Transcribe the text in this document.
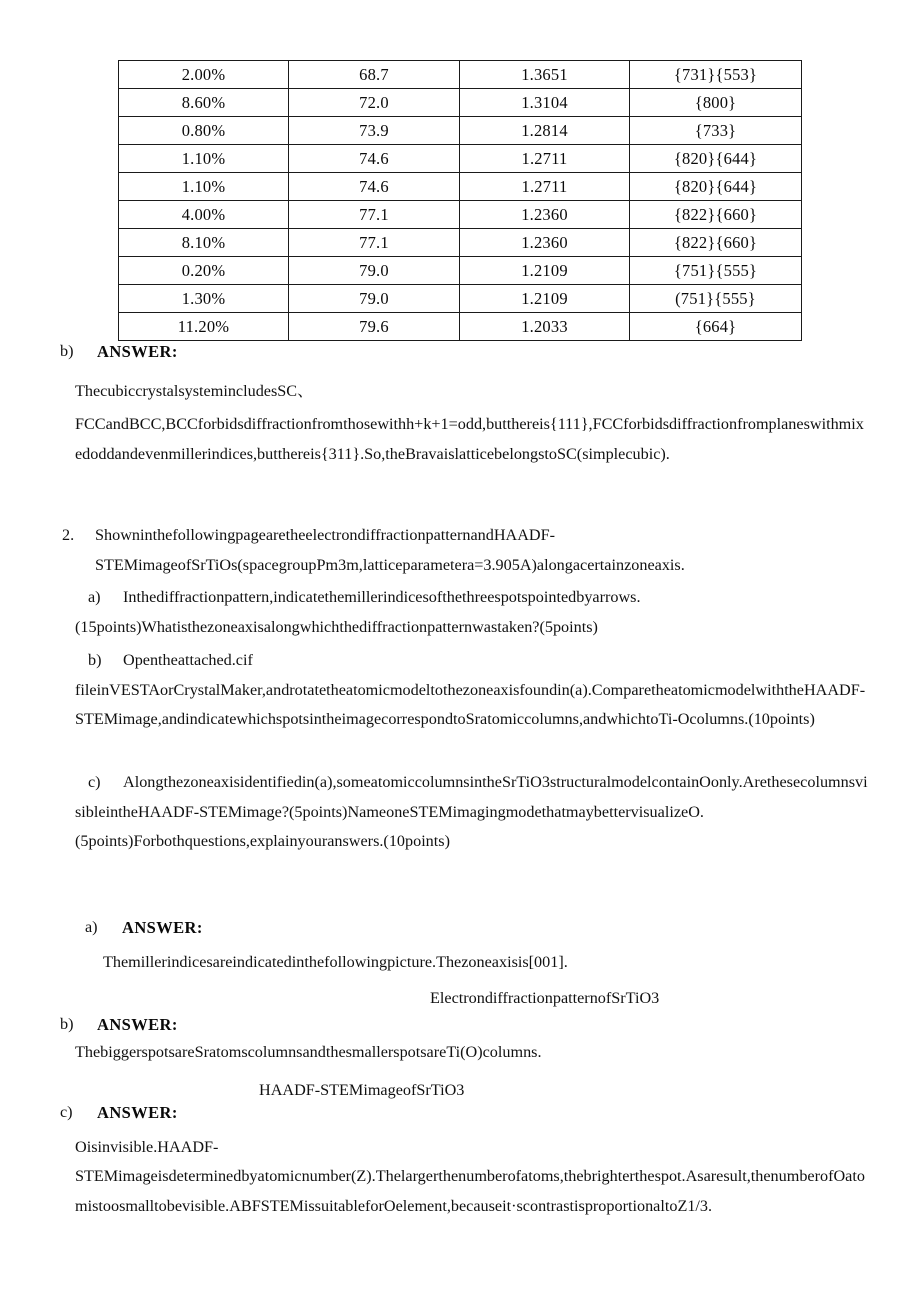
2.00%	68.7	1.3651	{731}{553}
8.60%	72.0	1.3104	{800}
0.80%	73.9	1.2814	{733}
1.10%	74.6	1.2711	{820}{644}
1.10%	74.6	1.2711	{820}{644}
4.00%	77.1	1.2360	{822}{660}
8.10%	77.1	1.2360	{822}{660}
0.20%	79.0	1.2109	{751}{555}
1.30%	79.0	1.2109	(751}{555}
11.20%	79.6	1.2033	{664}
b) ANSWER:
ThecubiccrystalsystemincludesSC、
FCCandBCC,BCCforbidsdiffractionfromthosewithh+k+1=odd,butthereis{111},FCCforbidsdiffractionfromplaneswithmixedoddandevenmillerindices,butthereis{311}.So,theBravaislatticebelongstoSC(simplecubic).
2. ShowninthefollowingpagearetheelectrondiffractionpatternandHAADF-STEMimageofSrTiOs(spacegroupPm3m,latticeparametera=3.905A)alongacertainzoneaxis.
a)	Inthediffractionpattern,indicatethemillerindicesofthethreespotspointedbyarrows.(15points)Whatisthezoneaxisalongwhichthediffractionpatternwastaken?(5points)
b)	Opentheattached.cif fileinVESTAorCrystalMaker,androtatetheatomicmodeltothezoneaxisfoundin(a).ComparetheatomicmodelwiththeHAADF-STEMimage,andindicatewhichspotsintheimagecorrespondtoSratomiccolumns,andwhichtoTi-Ocolumns.(10points)
c)	Alongthezoneaxisidentifiedin(a),someatomiccolumnsintheSrTiO3structuralmodelcontainOonly.ArethesecolumnsvisibleintheHAADF-STEMimage?(5points)NameoneSTEMimagingmodethatmaybettervisualizeO.(5points)Forbothquestions,explainyouranswers.(10points)
a) ANSWER:
Themillerindicesareindicatedinthefollowingpicture.Thezoneaxisis[001].
ElectrondiffractionpatternofSrTiO3
b) ANSWER:
ThebiggerspotsareSratomscolumnsandthesmallerspotsareTi(O)columns.
HAADF-STEMimageofSrTiO3
c) ANSWER:
Oisinvisible.HAADF-
STEMimageisdeterminedbyatomicnumber(Z).Thelargerthenumberofatoms,thebrighterthespot.Asaresult,thenumberofOatomistoosmalltobevisible.ABFSTEMissuitableforOelement,becauseit·scontrastisproportionaltoZ1/3.
